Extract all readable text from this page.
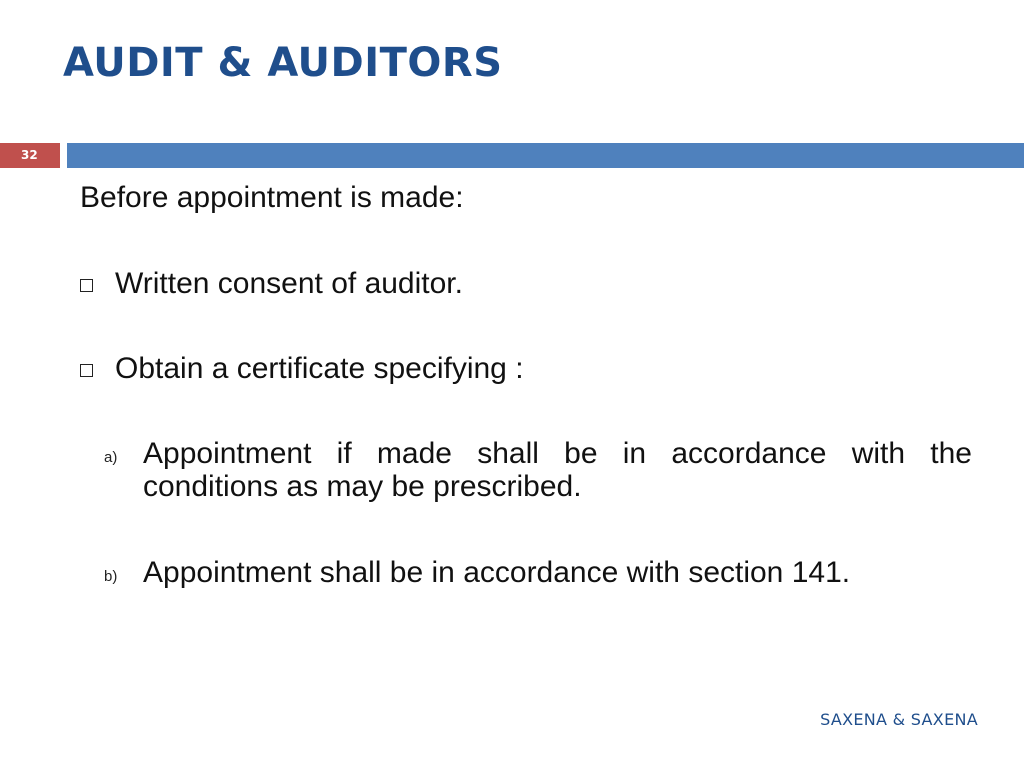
AUDIT & AUDITORS
32
Before appointment is made:
Written consent of auditor.
Obtain a certificate specifying :
a) Appointment if made shall be in accordance with the conditions as may be prescribed.
b) Appointment shall be in accordance with section 141.
SAXENA & SAXENA
